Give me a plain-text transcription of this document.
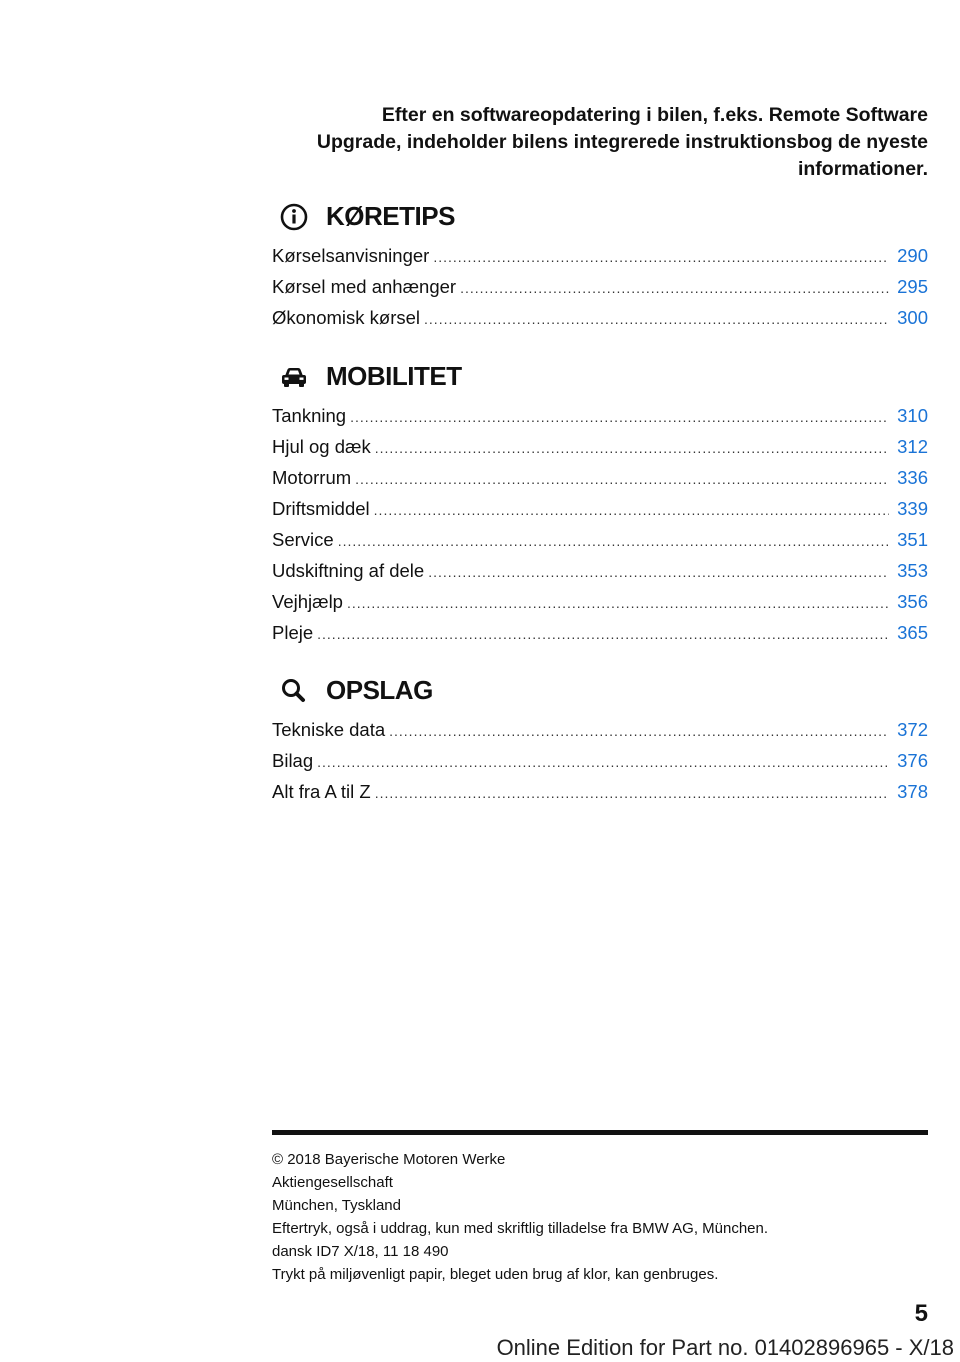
Efter en softwareopdatering i bilen, f.eks. Remote Software
Upgrade, indeholder bilens integrerede instruktionsbog de nyeste
informationer.
KØRETIPS
Kørselsanvisninger .....	290
Kørsel med anhænger .....	295
Økonomisk kørsel .....	300
MOBILITET
Tankning .....	310
Hjul og dæk .....	312
Motorrum .....	336
Driftsmiddel .....	339
Service .....	351
Udskiftning af dele .....	353
Vejhjælp .....	356
Pleje .....	365
OPSLAG
Tekniske data .....	372
Bilag .....	376
Alt fra A til Z .....	378
© 2018 Bayerische Motoren Werke
Aktiengesellschaft
München, Tyskland
Eftertryk, også i uddrag, kun med skriftlig tilladelse fra BMW AG, München.
dansk ID7 X/18, 11 18 490
Trykt på miljøvenligt papir, bleget uden brug af klor, kan genbruges.
5
Online Edition for Part no. 01402896965 - X/18
